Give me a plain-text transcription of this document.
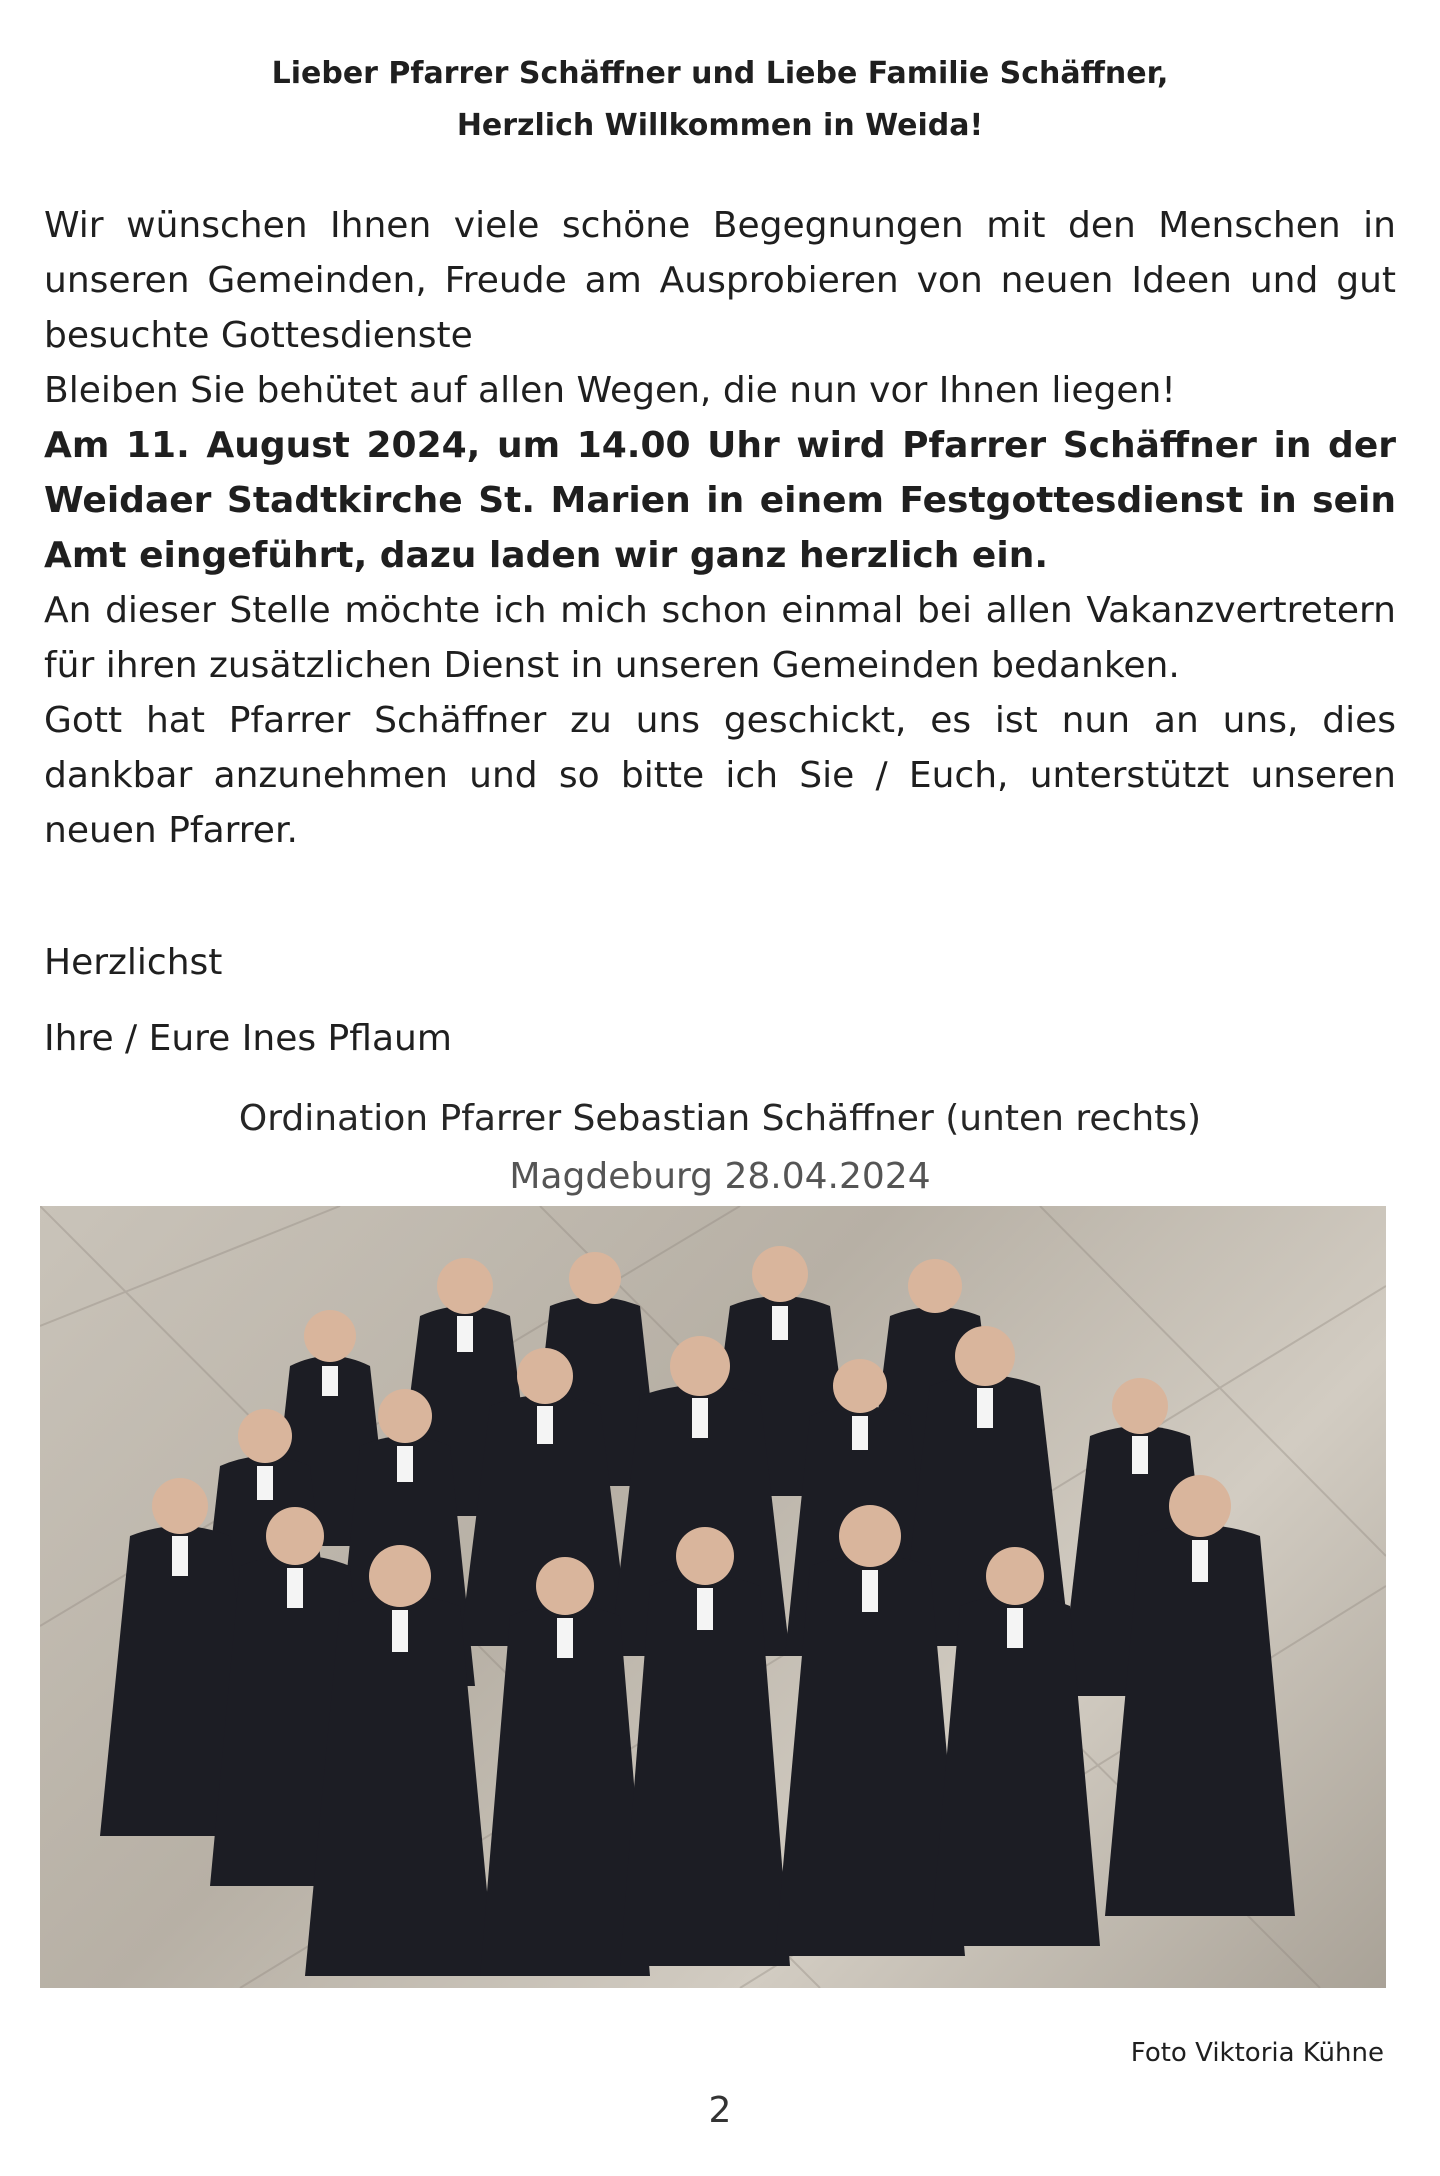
Lieber Pfarrer Schäffner und Liebe Familie Schäffner,
Herzlich Willkommen in Weida!

Wir wünschen Ihnen viele schöne Begegnungen mit den Menschen in unseren Gemeinden, Freude am Ausprobieren von neuen Ideen und gut besuchte Gottesdienste

Bleiben Sie behütet auf allen Wegen, die nun vor Ihnen liegen!

Am 11. August 2024, um 14.00 Uhr wird Pfarrer Schäffner in der Weidaer Stadtkirche St. Marien in einem Festgottesdienst in sein Amt eingeführt, dazu laden wir ganz herzlich ein.

An dieser Stelle möchte ich mich schon einmal bei allen Vakanzvertretern für ihren zusätzlichen Dienst in unseren Gemeinden bedanken.

Gott hat Pfarrer Schäffner zu uns geschickt, es ist nun an uns, dies dankbar anzunehmen und so bitte ich Sie / Euch, unterstützt unseren neuen Pfarrer.

Herzlichst
Ihre / Eure Ines Pflaum
Ordination Pfarrer Sebastian Schäffner (unten rechts)
Magdeburg 28.04.2024
Foto Viktoria Kühne
2
